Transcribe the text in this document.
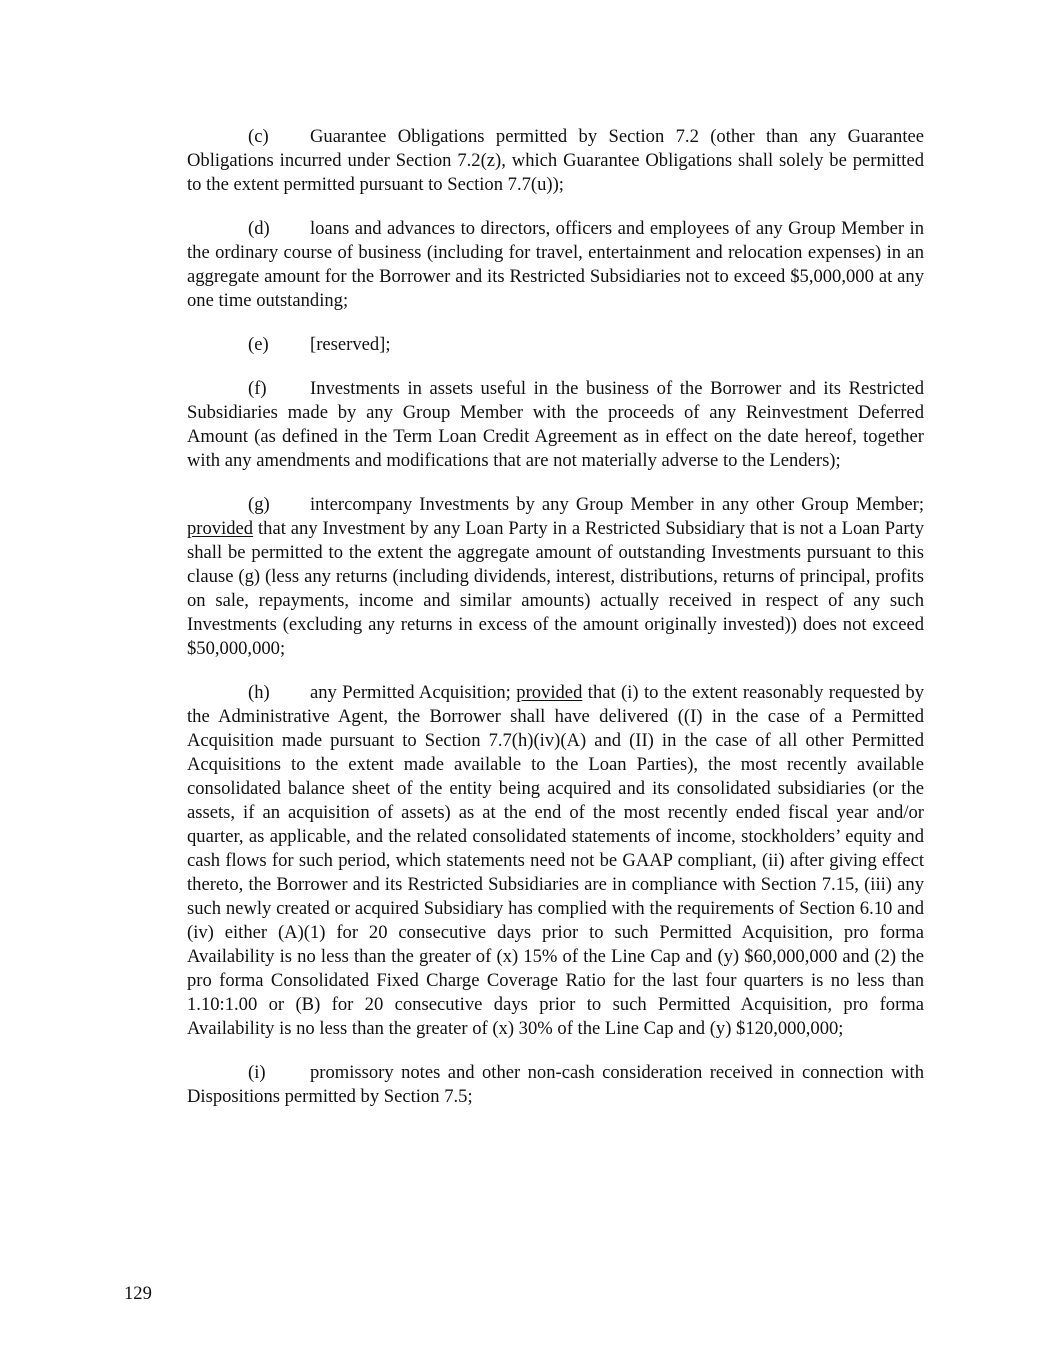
(c) Guarantee Obligations permitted by Section 7.2 (other than any Guarantee Obligations incurred under Section 7.2(z), which Guarantee Obligations shall solely be permitted to the extent permitted pursuant to Section 7.7(u));

(d) loans and advances to directors, officers and employees of any Group Member in the ordinary course of business (including for travel, entertainment and relocation expenses) in an aggregate amount for the Borrower and its Restricted Subsidiaries not to exceed $5,000,000 at any one time outstanding;

(e) [reserved];

(f) Investments in assets useful in the business of the Borrower and its Restricted Subsidiaries made by any Group Member with the proceeds of any Reinvestment Deferred Amount (as defined in the Term Loan Credit Agreement as in effect on the date hereof, together with any amendments and modifications that are not materially adverse to the Lenders);

(g) intercompany Investments by any Group Member in any other Group Member; provided that any Investment by any Loan Party in a Restricted Subsidiary that is not a Loan Party shall be permitted to the extent the aggregate amount of outstanding Investments pursuant to this clause (g) (less any returns (including dividends, interest, distributions, returns of principal, profits on sale, repayments, income and similar amounts) actually received in respect of any such Investments (excluding any returns in excess of the amount originally invested)) does not exceed $50,000,000;

(h) any Permitted Acquisition; provided that (i) to the extent reasonably requested by the Administrative Agent, the Borrower shall have delivered ((I) in the case of a Permitted Acquisition made pursuant to Section 7.7(h)(iv)(A) and (II) in the case of all other Permitted Acquisitions to the extent made available to the Loan Parties), the most recently available consolidated balance sheet of the entity being acquired and its consolidated subsidiaries (or the assets, if an acquisition of assets) as at the end of the most recently ended fiscal year and/or quarter, as applicable, and the related consolidated statements of income, stockholders’ equity and cash flows for such period, which statements need not be GAAP compliant, (ii) after giving effect thereto, the Borrower and its Restricted Subsidiaries are in compliance with Section 7.15, (iii) any such newly created or acquired Subsidiary has complied with the requirements of Section 6.10 and (iv) either (A)(1) for 20 consecutive days prior to such Permitted Acquisition, pro forma Availability is no less than the greater of (x) 15% of the Line Cap and (y) $60,000,000 and (2) the pro forma Consolidated Fixed Charge Coverage Ratio for the last four quarters is no less than 1.10:1.00 or (B) for 20 consecutive days prior to such Permitted Acquisition, pro forma Availability is no less than the greater of (x) 30% of the Line Cap and (y) $120,000,000;

(i) promissory notes and other non-cash consideration received in connection with Dispositions permitted by Section 7.5;

129
